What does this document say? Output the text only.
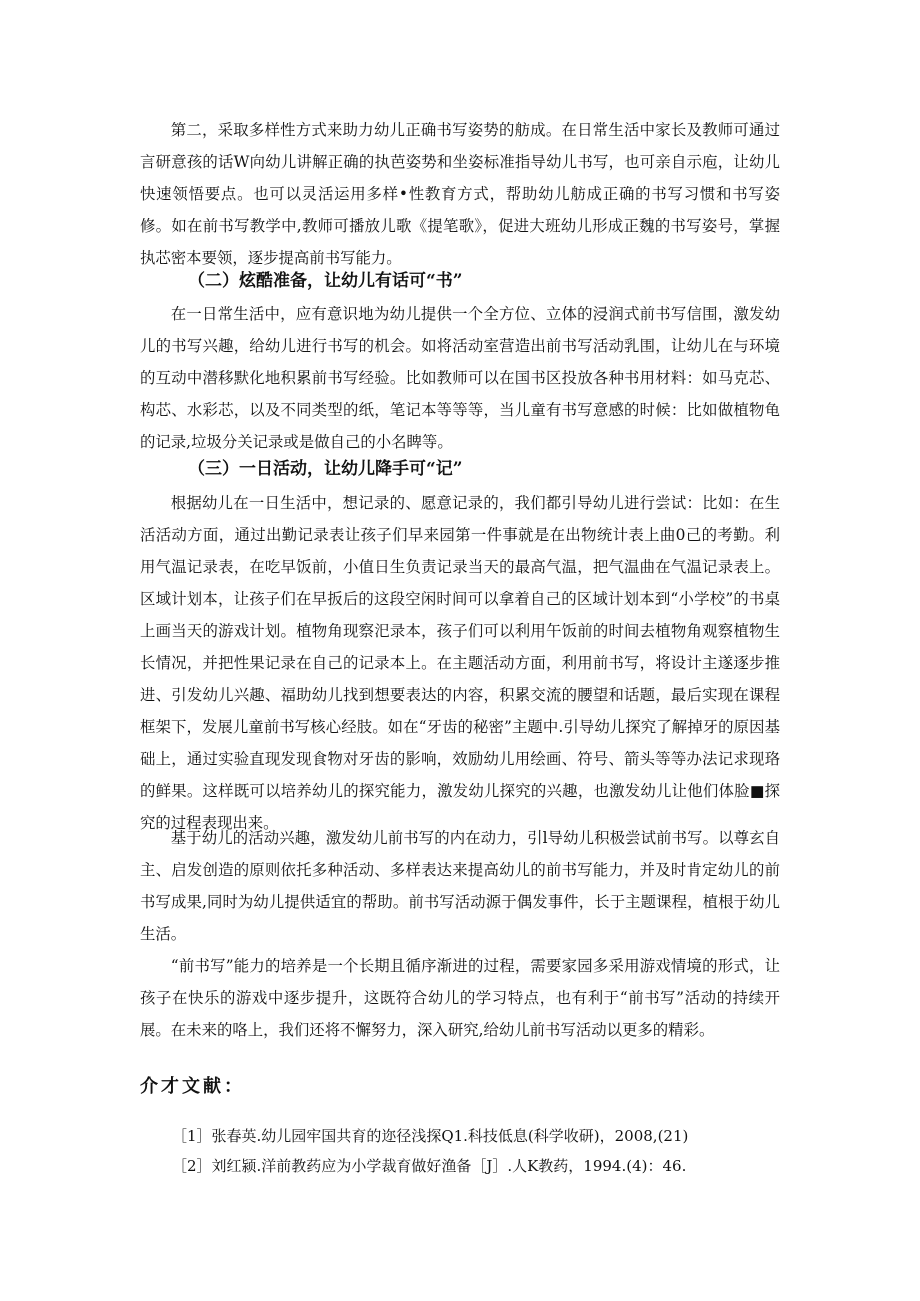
第二，采取多样性方式来助力幼儿正确书写姿势的舫成。在日常生活中家长及教师可通过言研意孩的话W向幼儿讲解正确的执芭姿势和坐姿标准指导幼儿书写，也可亲自示庖，让幼儿快速领悟要点。也可以灵活运用多样•性教育方式，帮助幼儿舫成正确的书写习惯和书写姿修。如在前书写教学中,教师可播放儿歌《提笔歌》，促进大班幼儿形成正魏的书写姿号，掌握执芯密本要领，逐步提高前书写能力。

（二）炫酷准备，让幼儿有话可“书”

在一日常生活中，应有意识地为幼儿提供一个全方位、立体的浸润式前书写信围，激发幼儿的书写兴趣，给幼儿进行书写的机会。如将活动室营造出前书写活动乳围，让幼儿在与环境的互动中潜移默化地积累前书写经验。比如教师可以在国书区投放各种书用材料：如马克芯、构芯、水彩芯，以及不同类型的纸，笔记本等等等，当儿童有书写意感的时候：比如做植物龟的记录,垃圾分关记录或是做自己的小名睥等。

（三）一日活动，让幼儿降手可“记”

根据幼儿在一日生活中，想记录的、愿意记录的，我们都引导幼儿进行尝试：比如：在生活活动方面，通过出勤记录表让孩子们早来园第一件事就是在出物统计表上曲0己的考勤。利用气温记录表，在吃早饭前，小值日生负责记录当天的最高气温，把气温曲在气温记录表上。区域计划本，让孩子们在早扳后的这段空闲时间可以拿着自己的区域计划本到“小学校”的书桌上画当天的游戏计划。植物角现察汜录本，孩子们可以利用午饭前的时间去植物角观察植物生长情况，并把性果记录在自己的记录本上。在主题活动方面，利用前书写，将设计主遂逐步推进、引发幼儿兴趣、福助幼儿找到想要表达的内容，积累交流的腰望和话题，最后实现在课程框架下，发展儿童前书写核心经肢。如在“牙齿的秘密”主题中.引导幼儿探究了解掉牙的原因基础上，通过实验直现发现食物对牙齿的影响，效励幼儿用绘画、符号、箭头等等办法记求现珞的鲜果。这样既可以培养幼儿的探究能力，激发幼儿探究的兴趣，也激发幼儿让他们体脸■探究的过程表现出来。

基于幼儿的活动兴趣，激发幼儿前书写的内在动力，引l导幼儿积极尝试前书写。以尊玄自主、启发创造的原则依托多种活动、多样表达来提高幼儿的前书写能力，并及时肯定幼儿的前书写成果,同时为幼儿提供适宜的帮助。前书写活动源于偶发事件，长于主题课程，植根于幼儿生活。

“前书写”能力的培养是一个长期且循序渐进的过程，需要家园多采用游戏情境的形式，让孩子在快乐的游戏中逐步提升，这既符合幼儿的学习特点，也有利于“前书写”活动的持续开展。在未来的咯上，我们还将不懈努力，深入研究,给幼儿前书写活动以更多的精彩。

介才文献：

［1］张春英.幼儿园牢国共育的迩径浅探Q1.科技低息(科学收研)，2008,(21)

［2］刘红颍.洋前教药应为小学裁育做好渔备［J］.人K教药，1994.(4)：46.
